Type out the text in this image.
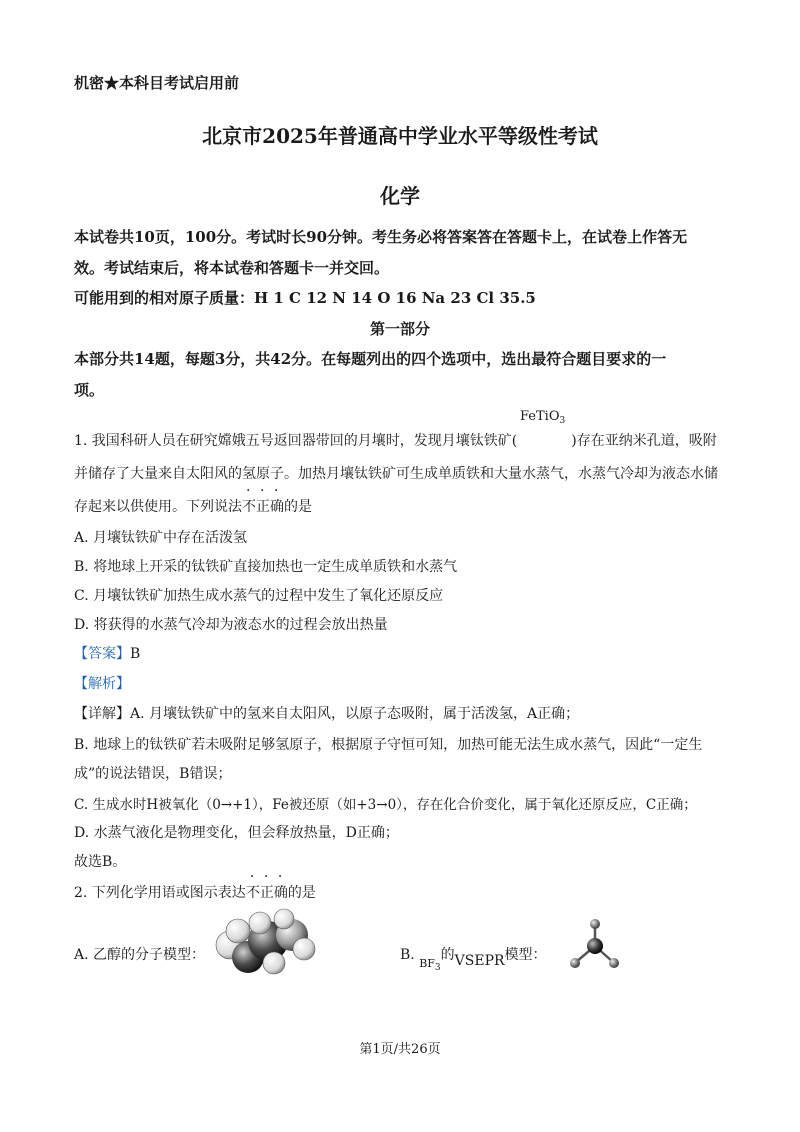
机密★本科目考试启用前
北京市2025年普通高中学业水平等级性考试
化学
本试卷共10页，100分。考试时长90分钟。考生务必将答案答在答题卡上，在试卷上作答无
效。考试结束后，将本试卷和答题卡一并交回。
可能用到的相对原子质量：H 1 C 12 N 14 O 16 Na 23 Cl 35.5
第一部分
本部分共14题，每题3分，共42分。在每题列出的四个选项中，选出最符合题目要求的一
项。
FeTiO$_3$
1. 我国科研人员在研究嫦娥五号返回器带回的月壤时，发现月壤钛铁矿(	)存在亚纳米孔道，吸附
并储存了大量来自太阳风的氢原子。加热月壤钛铁矿可生成单质铁和大量水蒸气，水蒸气冷却为液态水储
存起来以供使用。下列说法不正确的是
A. 月壤钛铁矿中存在活泼氢
B. 将地球上开采的钛铁矿直接加热也一定生成单质铁和水蒸气
C. 月壤钛铁矿加热生成水蒸气的过程中发生了氧化还原反应
D. 将获得的水蒸气冷却为液态水的过程会放出热量
【答案】B
【解析】
【详解】A. 月壤钛铁矿中的氢来自太阳风，以原子态吸附，属于活泼氢，A正确；
B. 地球上的钛铁矿若未吸附足够氢原子，根据原子守恒可知，加热可能无法生成水蒸气，因此“一定生
成”的说法错误，B错误；
C. 生成水时H被氧化（0→+1），Fe被还原（如+3→0），存在化合价变化，属于氧化还原反应，C正确；
D. 水蒸气液化是物理变化，但会释放热量，D正确；
故选B。
2. 下列化学用语或图示表达不正确的是
A. 乙醇的分子模型：	B. $_{BF_3}$的VSEPR模型：
第1页/共26页
